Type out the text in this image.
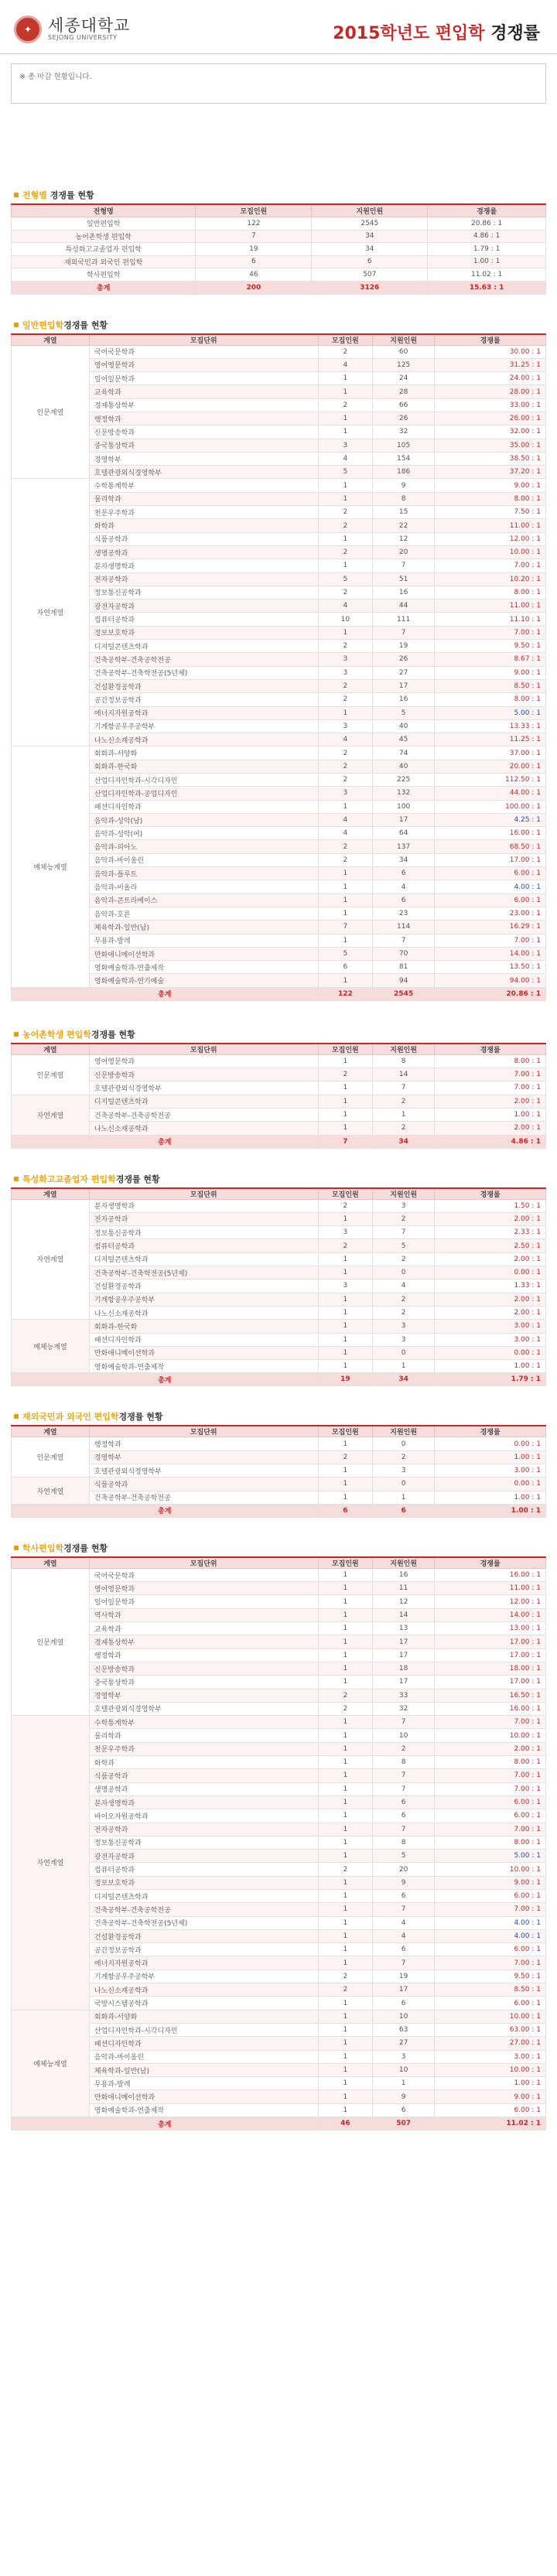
✦ 세종대학교
SEJONG UNIVERSITY	2015학년도 편입학 경쟁률
※ 총 마감 현황입니다.
전형별
경쟁률 현황
전형명	모집인원	지원인원	경쟁률
일반편입학	122	2545	20.86 : 1
농어촌학생 편입학	7	34	4.86 : 1
특성화고교졸업자 편입학	19	34	1.79 : 1
재외국민과 외국인 편입학	6	6	1.00 : 1
학사편입학	46	507	11.02 : 1
총계	200	3126	15.63 : 1
일반편입학 경쟁률 현황
계열	모집단위	모집인원	지원인원	경쟁률
인문계열	국어국문학과	2	60	30.00 : 1
	영어영문학과	4	125	31.25 : 1
	일어일문학과	1	24	24.00 : 1
	교육학과	1	28	28.00 : 1
	경제통상학부	2	66	33.00 : 1
	행정학과	1	26	26.00 : 1
	신문방송학과	1	32	32.00 : 1
	중국통상학과	3	105	35.00 : 1
	경영학부	4	154	38.50 : 1
	호텔관광외식경영학부	5	186	37.20 : 1
자연계열	수학통계학부	1	9	9.00 : 1
	물리학과	1	8	8.00 : 1
	천문우주학과	2	15	7.50 : 1
	화학과	2	22	11.00 : 1
	식품공학과	1	12	12.00 : 1
	생명공학과	2	20	10.00 : 1
	분자생명학과	1	7	7.00 : 1
	전자공학과	5	51	10.20 : 1
	정보통신공학과	2	16	8.00 : 1
	광전자공학과	4	44	11.00 : 1
	컴퓨터공학과	10	111	11.10 : 1
	정보보호학과	1	7	7.00 : 1
	디지털콘텐츠학과	2	19	9.50 : 1
	건축공학부-건축공학전공	3	26	8.67 : 1
	건축공학부-건축학전공(5년제)	3	27	9.00 : 1
	건설환경공학과	2	17	8.50 : 1
	공간정보공학과	2	16	8.00 : 1
	에너지자원공학과	1	5	5.00 : 1
	기계항공우주공학부	3	40	13.33 : 1
	나노신소재공학과	4	45	11.25 : 1
예체능계열	회화과-서양화	2	74	37.00 : 1
	회화과-한국화	2	40	20.00 : 1
	산업디자인학과-시각디자인	2	225	112.50 : 1
	산업디자인학과-공업디자인	3	132	44.00 : 1
	패션디자인학과	1	100	100.00 : 1
	음악과-성악(남)	4	17	4.25 : 1
	음악과-성악(여)	4	64	16.00 : 1
	음악과-피아노	2	137	68.50 : 1
	음악과-바이올린	2	34	17.00 : 1
	음악과-플루트	1	6	6.00 : 1
	음악과-비올라	1	4	4.00 : 1
	음악과-콘트라베이스	1	6	6.00 : 1
	음악과-호른	1	23	23.00 : 1
	체육학과-일반(남)	7	114	16.29 : 1
	무용과-발레	1	7	7.00 : 1
	만화애니메이션학과	5	70	14.00 : 1
	영화예술학과-연출제작	6	81	13.50 : 1
	영화예술학과-연기예술	1	94	94.00 : 1
총계		122	2545	20.86 : 1
농어촌학생 편입학 경쟁률 현황
계열	모집단위	모집인원	지원인원	경쟁률
인문계열	영어영문학과	1	8	8.00 : 1
	신문방송학과	2	14	7.00 : 1
	호텔관광외식경영학부	1	7	7.00 : 1
자연계열	디지털콘텐츠학과	1	2	2.00 : 1
	건축공학부-건축공학전공	1	1	1.00 : 1
	나노신소재공학과	1	2	2.00 : 1
총계		7	34	4.86 : 1
특성화고교졸업자 편입학 경쟁률 현황
계열	모집단위	모집인원	지원인원	경쟁률
자연계열	분자생명학과	2	3	1.50 : 1
	전자공학과	1	2	2.00 : 1
	정보통신공학과	3	7	2.33 : 1
	컴퓨터공학과	2	5	2.50 : 1
	디지털콘텐츠학과	1	2	2.00 : 1
	건축공학부-건축학전공(5년제)	1	0	0.00 : 1
	건설환경공학과	3	4	1.33 : 1
	기계항공우주공학부	1	2	2.00 : 1
	나노신소재공학과	1	2	2.00 : 1
예체능계열	회화과-한국화	1	3	3.00 : 1
	패션디자인학과	1	3	3.00 : 1
	만화애니메이션학과	1	0	0.00 : 1
	영화예술학과-연출제작	1	1	1.00 : 1
총계		19	34	1.79 : 1
재외국민과 외국인 편입학 경쟁률 현황
계열	모집단위	모집인원	지원인원	경쟁률
인문계열	행정학과	1	0	0.00 : 1
	경영학부	2	2	1.00 : 1
	호텔관광외식경영학부	1	3	3.00 : 1
자연계열	식품공학과	1	0	0.00 : 1
	건축공학부-건축공학전공	1	1	1.00 : 1
총계		6	6	1.00 : 1
학사편입학 경쟁률 현황
계열	모집단위	모집인원	지원인원	경쟁률
인문계열	국어국문학과	1	16	16.00 : 1
	영어영문학과	1	11	11.00 : 1
	일어일문학과	1	12	12.00 : 1
	역사학과	1	14	14.00 : 1
	교육학과	1	13	13.00 : 1
	경제통상학부	1	17	17.00 : 1
	행정학과	1	17	17.00 : 1
	신문방송학과	1	18	18.00 : 1
	중국통상학과	1	17	17.00 : 1
	경영학부	2	33	16.50 : 1
	호텔관광외식경영학부	2	32	16.00 : 1
자연계열	수학통계학부	1	7	7.00 : 1
	물리학과	1	10	10.00 : 1
	천문우주학과	1	2	2.00 : 1
	화학과	1	8	8.00 : 1
	식품공학과	1	7	7.00 : 1
	생명공학과	1	7	7.00 : 1
	분자생명학과	1	6	6.00 : 1
	바이오자원공학과	1	6	6.00 : 1
	전자공학과	1	7	7.00 : 1
	정보통신공학과	1	8	8.00 : 1
	광전자공학과	1	5	5.00 : 1
	컴퓨터공학과	2	20	10.00 : 1
	정보보호학과	1	9	9.00 : 1
	디지털콘텐츠학과	1	6	6.00 : 1
	건축공학부-건축공학전공	1	7	7.00 : 1
	건축공학부-건축학전공(5년제)	1	4	4.00 : 1
	건설환경공학과	1	4	4.00 : 1
	공간정보공학과	1	6	6.00 : 1
	에너지자원공학과	1	7	7.00 : 1
	기계항공우주공학부	2	19	9.50 : 1
	나노신소재공학과	2	17	8.50 : 1
	국방시스템공학과	1	6	6.00 : 1
예체능계열	회화과-서양화	1	10	10.00 : 1
	산업디자인학과-시각디자인	1	63	63.00 : 1
	패션디자인학과	1	27	27.00 : 1
	음악과-바이올린	1	3	3.00 : 1
	체육학과-일반(남)	1	10	10.00 : 1
	무용과-발레	1	1	1.00 : 1
	만화애니메이션학과	1	9	9.00 : 1
	영화예술학과-연출제작	1	6	6.00 : 1
총계		46	507	11.02 : 1
